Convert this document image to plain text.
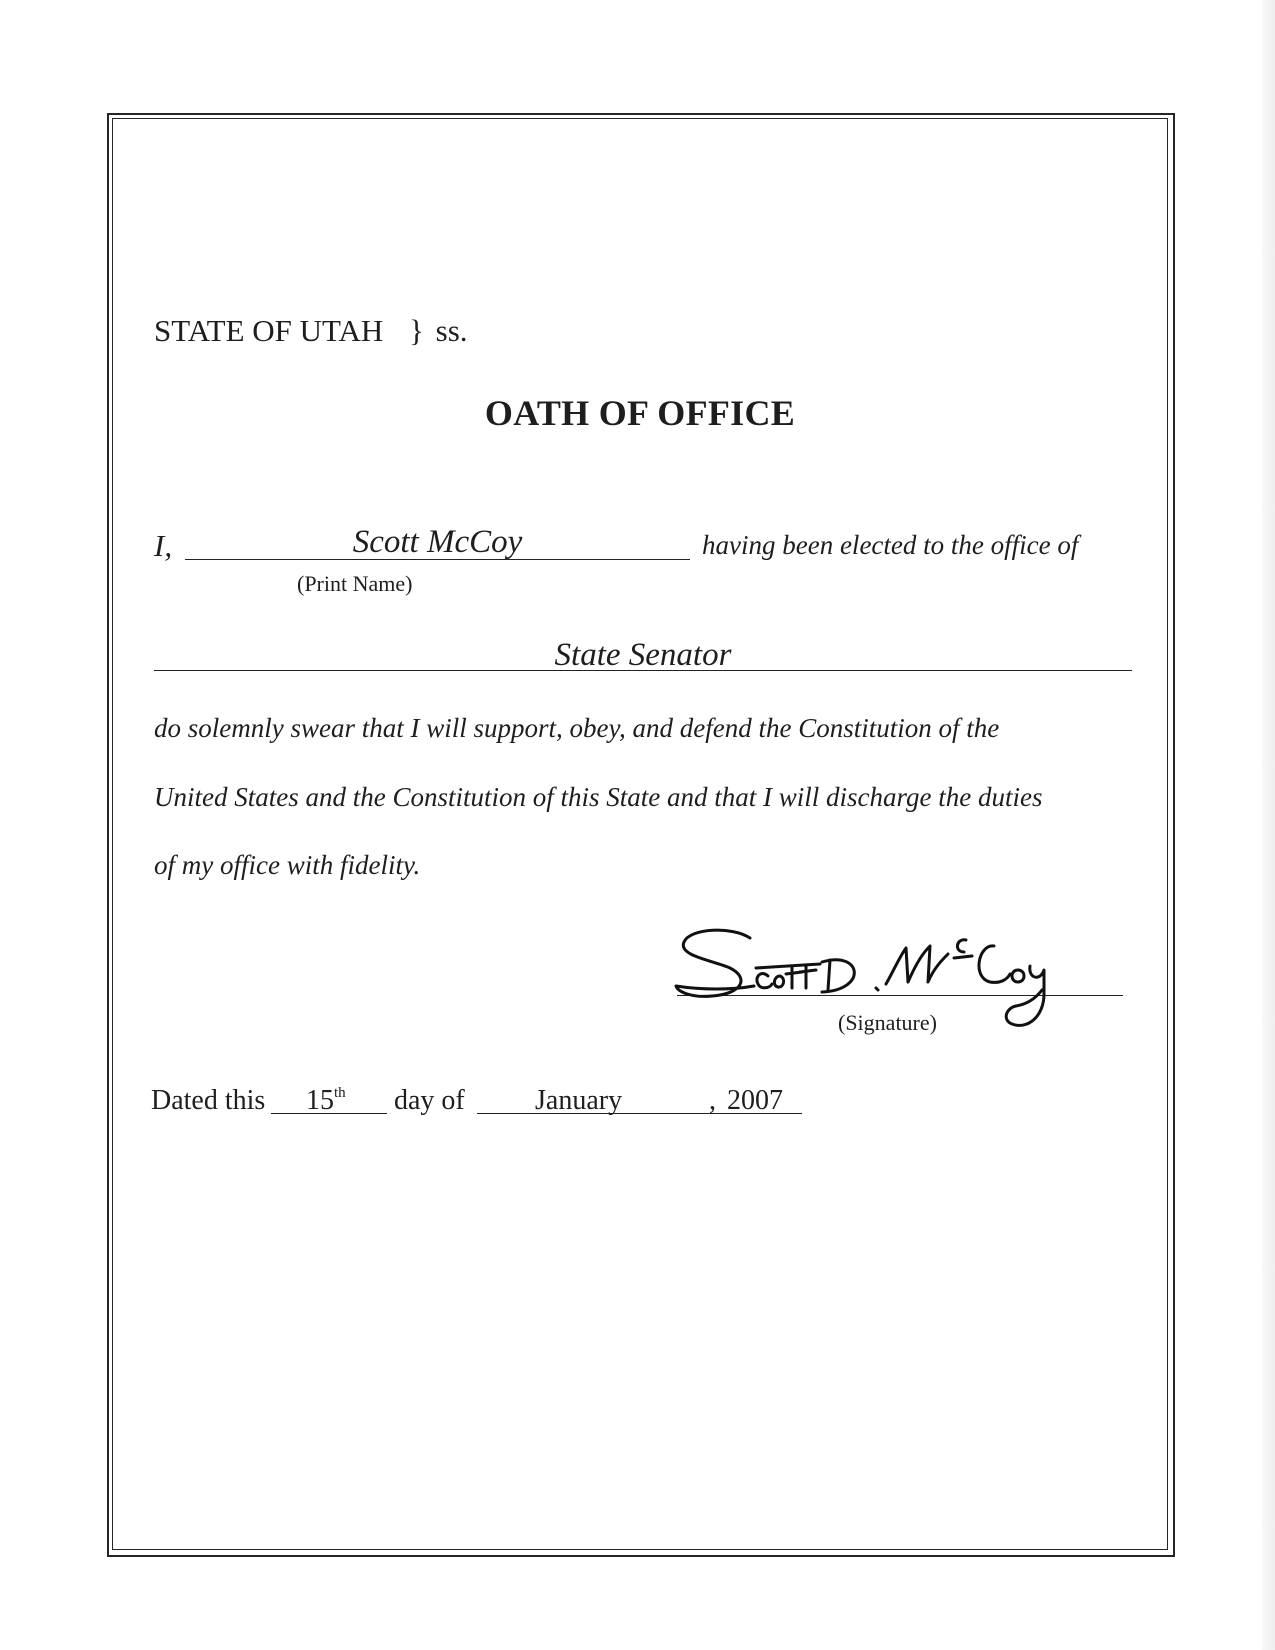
STATE OF UTAH } ss.
OATH OF OFFICE
I,	Scott McCoy	having been elected to the office of
(Print Name)
State Senator
do solemnly swear that I will support, obey, and defend the Constitution of the
United States and the Constitution of this State and that I will discharge the duties
of my office with fidelity.
(Signature)
Dated this 15th day of	January	, 2007
